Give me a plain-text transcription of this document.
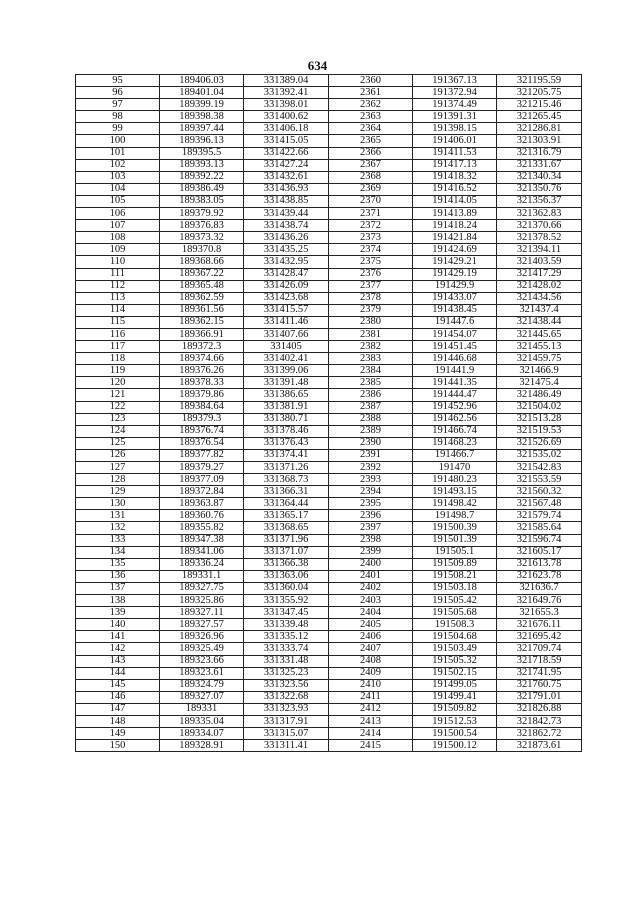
634
95	189406.03	331389.04	2360	191367.13	321195.59
96	189401.04	331392.41	2361	191372.94	321205.75
97	189399.19	331398.01	2362	191374.49	321215.46
98	189398.38	331400.62	2363	191391.31	321265.45
99	189397.44	331406.18	2364	191398.15	321286.81
100	189396.13	331415.05	2365	191406.01	321303.91
101	189395.5	331422.66	2366	191411.53	321316.79
102	189393.13	331427.24	2367	191417.13	321331.67
103	189392.22	331432.61	2368	191418.32	321340.34
104	189386.49	331436.93	2369	191416.52	321350.76
105	189383.05	331438.85	2370	191414.05	321356.37
106	189379.92	331439.44	2371	191413.89	321362.83
107	189376.83	331438.74	2372	191418.24	321370.66
108	189373.32	331436.26	2373	191421.84	321378.52
109	189370.8	331435.25	2374	191424.69	321394.11
110	189368.66	331432.95	2375	191429.21	321403.59
111	189367.22	331428.47	2376	191429.19	321417.29
112	189365.48	331426.09	2377	191429.9	321428.02
113	189362.59	331423.68	2378	191433.07	321434.56
114	189361.56	331415.57	2379	191438.45	321437.4
115	189362.15	331411.46	2380	191447.6	321438.44
116	189366.91	331407.66	2381	191454.07	321445.65
117	189372.3	331405	2382	191451.45	321455.13
118	189374.66	331402.41	2383	191446.68	321459.75
119	189376.26	331399.06	2384	191441.9	321466.9
120	189378.33	331391.48	2385	191441.35	321475.4
121	189379.86	331386.65	2386	191444.47	321486.49
122	189384.64	331381.91	2387	191452.96	321504.02
123	189379.3	331380.71	2388	191462.56	321513.28
124	189376.74	331378.46	2389	191466.74	321519.53
125	189376.54	331376.43	2390	191468.23	321526.69
126	189377.82	331374.41	2391	191466.7	321535.02
127	189379.27	331371.26	2392	191470	321542.83
128	189377.09	331368.73	2393	191480.23	321553.59
129	189372.84	331366.31	2394	191493.15	321560.32
130	189363.87	331364.44	2395	191498.42	321567.48
131	189360.76	331365.17	2396	191498.7	321579.74
132	189355.82	331368.65	2397	191500.39	321585.64
133	189347.38	331371.96	2398	191501.39	321596.74
134	189341.06	331371.07	2399	191505.1	321605.17
135	189336.24	331366.38	2400	191509.89	321613.78
136	189331.1	331363.06	2401	191508.21	321623.78
137	189327.75	331360.04	2402	191503.18	321636.7
138	189325.86	331355.92	2403	191505.42	321649.76
139	189327.11	331347.45	2404	191505.68	321655.3
140	189327.57	331339.48	2405	191508.3	321676.11
141	189326.96	331335.12	2406	191504.68	321695.42
142	189325.49	331333.74	2407	191503.49	321709.74
143	189323.66	331331.48	2408	191505.32	321718.59
144	189323.61	331325.23	2409	191502.15	321741.95
145	189324.79	331323.56	2410	191499.05	321760.75
146	189327.07	331322.68	2411	191499.41	321791.01
147	189331	331323.93	2412	191509.82	321826.88
148	189335.04	331317.91	2413	191512.53	321842.73
149	189334.07	331315.07	2414	191500.54	321862.72
150	189328.91	331311.41	2415	191500.12	321873.61
